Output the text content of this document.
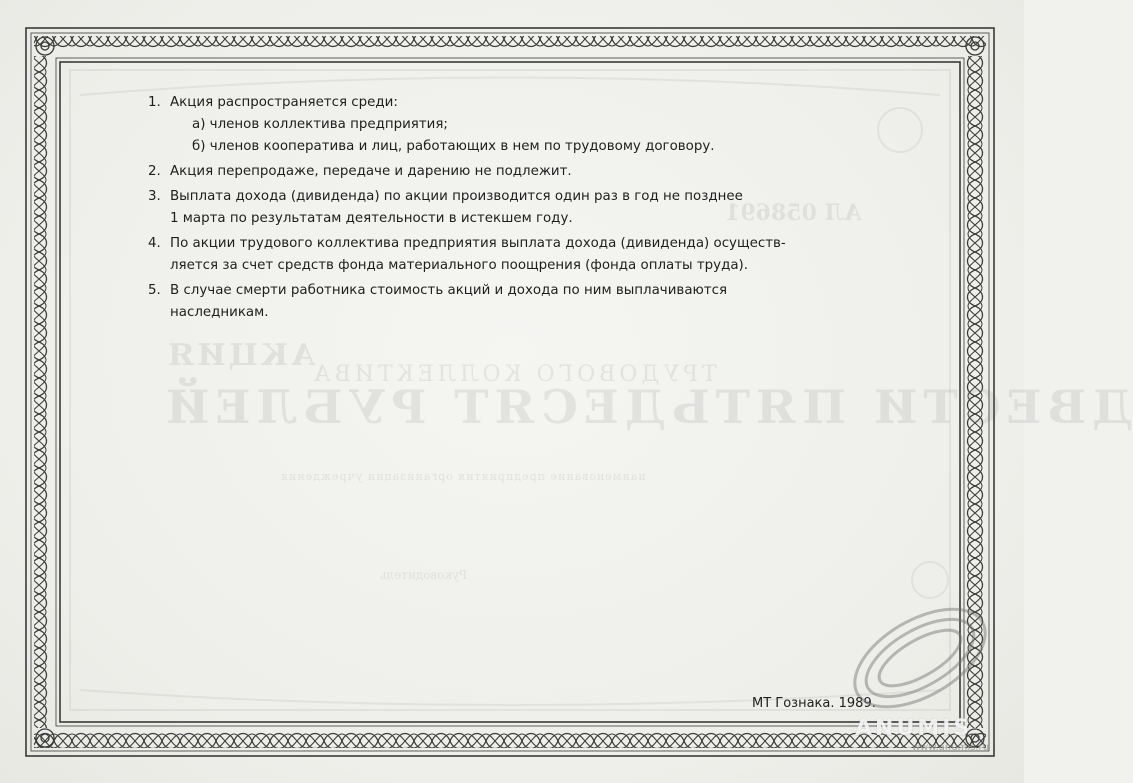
АЛ 058691
АКЦИЯ
ТРУДОВОГО КОЛЛЕКТИВА
ДВЕСТИ ПЯТЬДЕСЯТ РУБЛЕЙ
наименование предприятия организации учреждения
Руководитель
1. Акция распространяется среди:

а) членов коллектива предприятия;

б) членов кооператива и лиц, работающих в нем по трудовому договору.

2. Акция перепродаже, передаче и дарению не подлежит.

3. Выплата дохода (дивиденда) по акции производится один раз в год не позднее

1 марта по результатам деятельности в истекшем году.

4. По акции трудового коллектива предприятия выплата дохода (дивиденда) осуществ-

ляется за счет средств фонда материального поощрения (фонда оплаты труда).

5. В случае смерти работника стоимость акций и дохода по ним выплачиваются

наследникам.

МТ Гознака. 1989.
ANUMIS
www.anumis.ru
